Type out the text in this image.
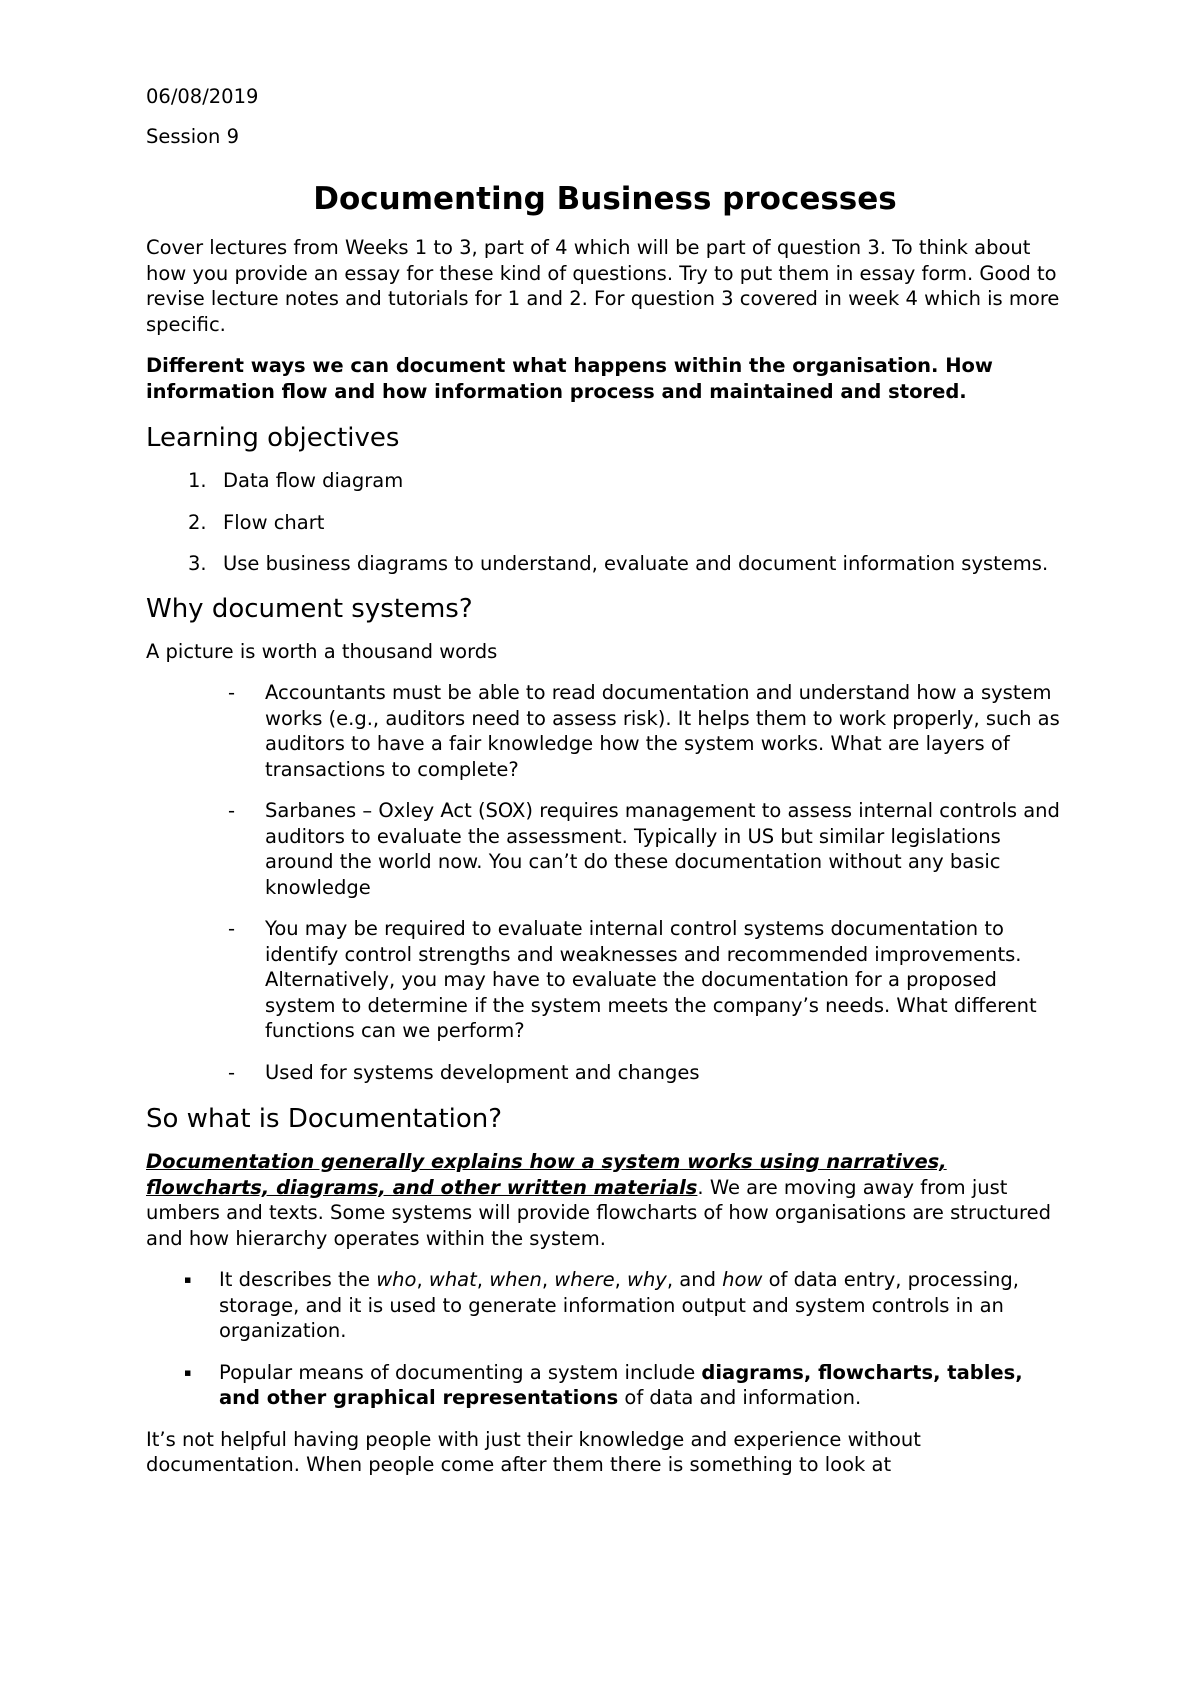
06/08/2019

Session 9

Documenting Business processes

Cover lectures from Weeks 1 to 3, part of 4 which will be part of question 3. To think about how you provide an essay for these kind of questions. Try to put them in essay form. Good to revise lecture notes and tutorials for 1 and 2. For question 3 covered in week 4 which is more specific.

Different ways we can document what happens within the organisation. How information flow and how information process and maintained and stored.

Learning objectives
1. Data flow diagram
2. Flow chart
3. Use business diagrams to understand, evaluate and document information systems.
Why document systems?

A picture is worth a thousand words

-	Accountants must be able to read documentation and understand how a system works (e.g., auditors need to assess risk). It helps them to work properly, such as auditors to have a fair knowledge how the system works. What are layers of transactions to complete?
-	Sarbanes – Oxley Act (SOX) requires management to assess internal controls and auditors to evaluate the assessment. Typically in US but similar legislations around the world now. You can’t do these documentation without any basic knowledge
-	You may be required to evaluate internal control systems documentation to identify control strengths and weaknesses and recommended improvements. Alternatively, you may have to evaluate the documentation for a proposed system to determine if the system meets the company’s needs. What different functions can we perform?
-	Used for systems development and changes
So what is Documentation?

Documentation generally explains how a system works using narratives, flowcharts, diagrams, and other written materials. We are moving away from just umbers and texts. Some systems will provide flowcharts of how organisations are structured and how hierarchy operates within the system.

▪	It describes the who, what, when, where, why, and how of data entry, processing, storage, and it is used to generate information output and system controls in an organization.
▪	Popular means of documenting a system include diagrams, flowcharts, tables, and other graphical representations of data and information.

It’s not helpful having people with just their knowledge and experience without documentation. When people come after them there is something to look at
